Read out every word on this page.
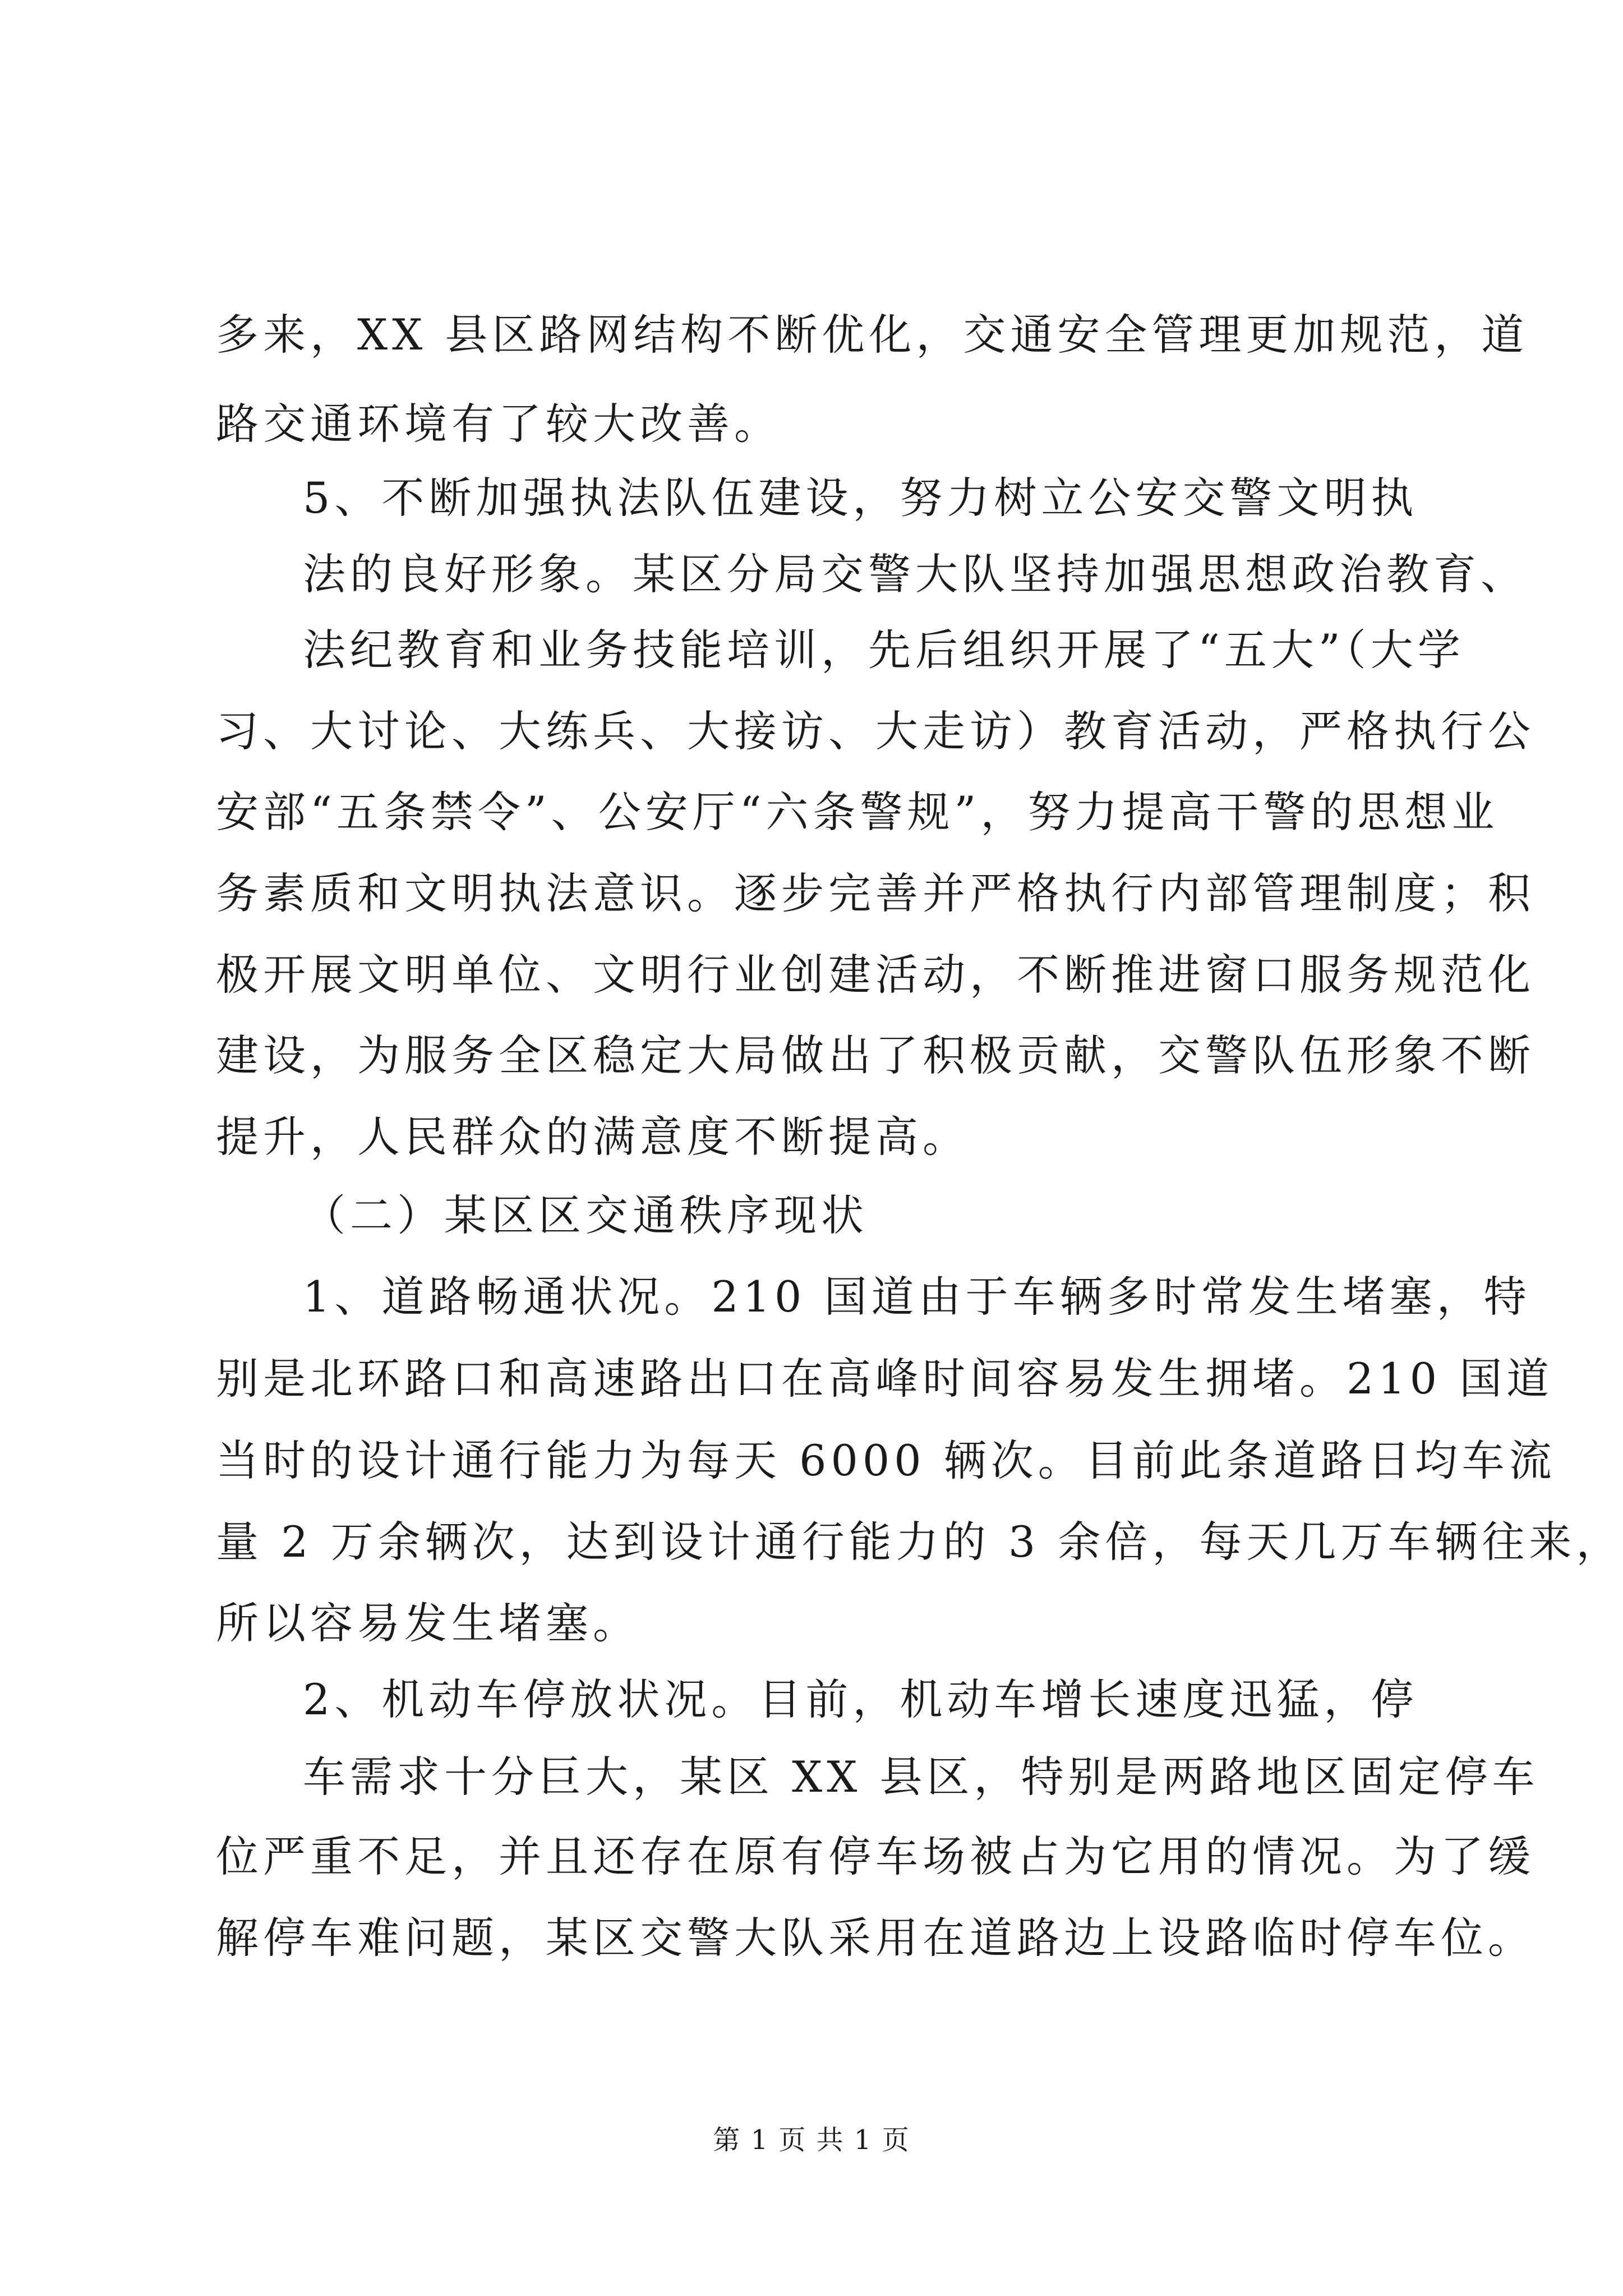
多来，XX 县区路网结构不断优化，交通安全管理更加规范，道
路交通环境有了较大改善。
5、不断加强执法队伍建设，努力树立公安交警文明执
法的良好形象。某区分局交警大队坚持加强思想政治教育、
法纪教育和业务技能培训，先后组织开展了“五大”（大学
习、大讨论、大练兵、大接访、大走访）教育活动，严格执行公
安部“五条禁令”、公安厅“六条警规”，努力提高干警的思想业
务素质和文明执法意识。逐步完善并严格执行内部管理制度；积
极开展文明单位、文明行业创建活动，不断推进窗口服务规范化
建设，为服务全区稳定大局做出了积极贡献，交警队伍形象不断
提升，人民群众的满意度不断提高。
（二）某区区交通秩序现状
1、道路畅通状况。210 国道由于车辆多时常发生堵塞，特
别是北环路口和高速路出口在高峰时间容易发生拥堵。210 国道
当时的设计通行能力为每天 6000 辆次。目前此条道路日均车流
量 2 万余辆次，达到设计通行能力的 3 余倍，每天几万车辆往来，
所以容易发生堵塞。
2、机动车停放状况。目前，机动车增长速度迅猛，停
车需求十分巨大，某区 XX 县区，特别是两路地区固定停车
位严重不足，并且还存在原有停车场被占为它用的情况。为了缓
解停车难问题，某区交警大队采用在道路边上设路临时停车位。
第 1 页 共 1 页
